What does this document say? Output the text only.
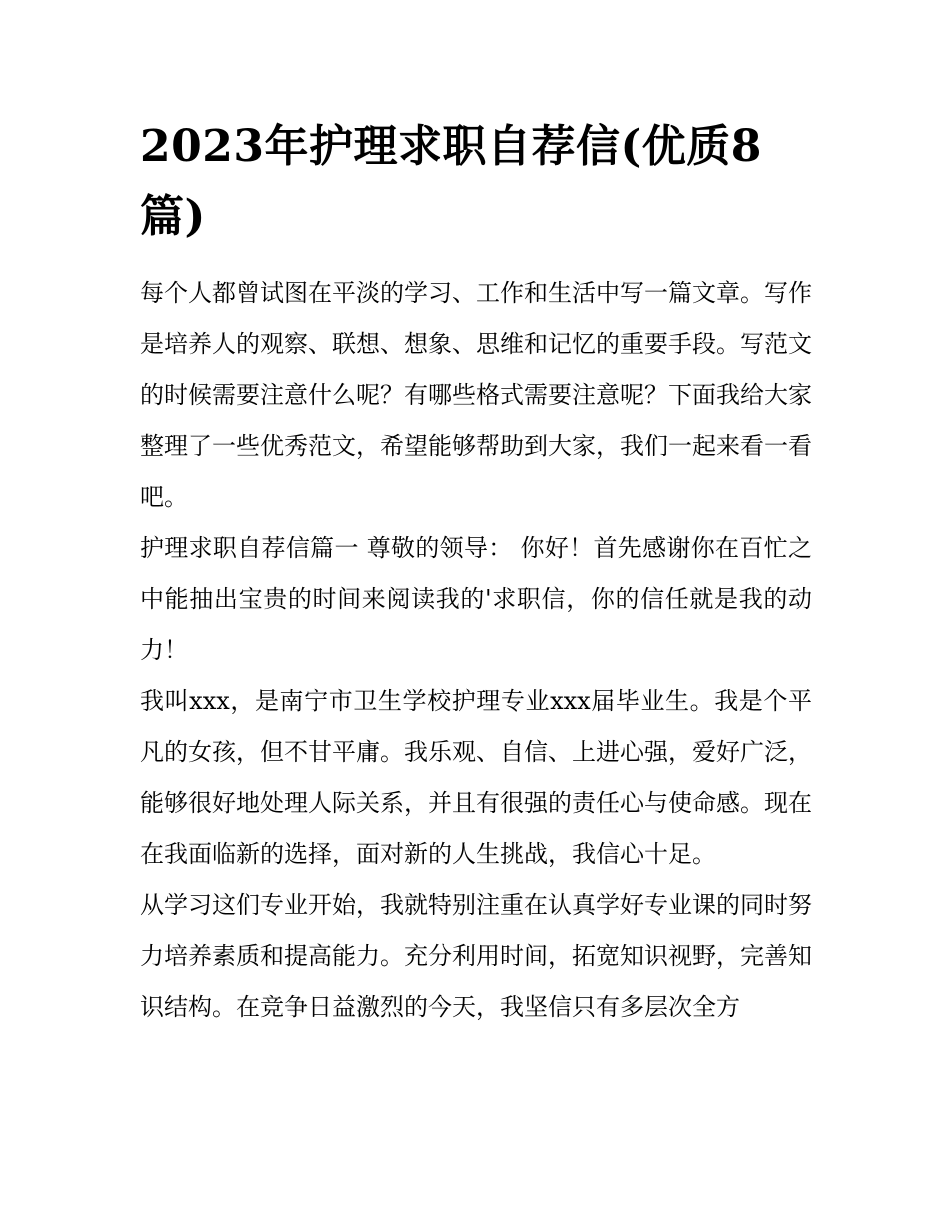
2023年护理求职自荐信(优质8篇)

每个人都曾试图在平淡的学习、工作和生活中写一篇文章。写作是培养人的观察、联想、想象、思维和记忆的重要手段。写范文的时候需要注意什么呢？有哪些格式需要注意呢？下面我给大家整理了一些优秀范文，希望能够帮助到大家，我们一起来看一看吧。

护理求职自荐信篇一 尊敬的领导： 你好！首先感谢你在百忙之中能抽出宝贵的时间来阅读我的'求职信，你的信任就是我的动力！

我叫xxx，是南宁市卫生学校护理专业xxx届毕业生。我是个平凡的女孩，但不甘平庸。我乐观、自信、上进心强，爱好广泛，能够很好地处理人际关系，并且有很强的责任心与使命感。现在在我面临新的选择，面对新的人生挑战，我信心十足。

从学习这们专业开始，我就特别注重在认真学好专业课的同时努力培养素质和提高能力。充分利用时间，拓宽知识视野，完善知识结构。在竞争日益激烈的今天，我坚信只有多层次全方
